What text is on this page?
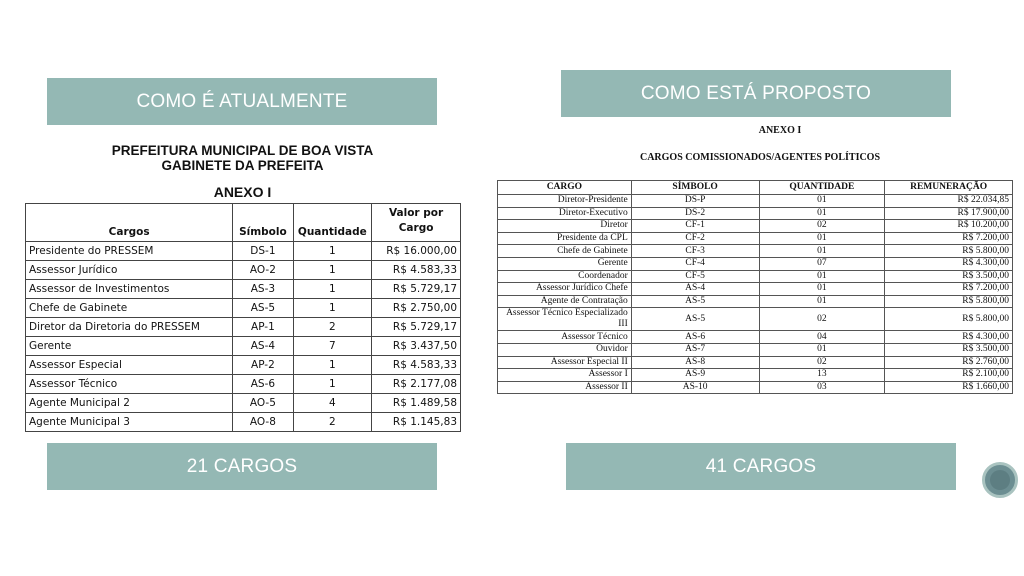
COMO É ATUALMENTE	COMO ESTÁ PROPOSTO
PREFEITURA MUNICIPAL DE BOA VISTA
GABINETE DA PREFEITA
ANEXO I
Cargos	Símbolo	Quantidade	Valor por Cargo
Presidente do PRESSEM	DS-1	1	R$ 16.000,00
Assessor Jurídico	AO-2	1	R$ 4.583,33
Assessor de Investimentos	AS-3	1	R$ 5.729,17
Chefe de Gabinete	AS-5	1	R$ 2.750,00
Diretor da Diretoria do PRESSEM	AP-1	2	R$ 5.729,17
Gerente	AS-4	7	R$ 3.437,50
Assessor Especial	AP-2	1	R$ 4.583,33
Assessor Técnico	AS-6	1	R$ 2.177,08
Agente Municipal 2	AO-5	4	R$ 1.489,58
Agente Municipal 3	AO-8	2	R$ 1.145,83
ANEXO I
CARGOS COMISSIONADOS/AGENTES POLÍTICOS
CARGO	SÍMBOLO	QUANTIDADE	REMUNERAÇÃO
Diretor-Presidente	DS-P	01	R$ 22.034,85
Diretor-Executivo	DS-2	01	R$ 17.900,00
Diretor	CF-1	02	R$ 10.200,00
Presidente da CPL	CF-2	01	R$ 7.200,00
Chefe de Gabinete	CF-3	01	R$ 5.800,00
Gerente	CF-4	07	R$ 4.300,00
Coordenador	CF-5	01	R$ 3.500,00
Assessor Jurídico Chefe	AS-4	01	R$ 7.200,00
Agente de Contratação	AS-5	01	R$ 5.800,00
Assessor Técnico Especializado III	AS-5	02	R$ 5.800,00
Assessor Técnico	AS-6	04	R$ 4.300,00
Ouvidor	AS-7	01	R$ 3.500,00
Assessor Especial II	AS-8	02	R$ 2.760,00
Assessor I	AS-9	13	R$ 2.100,00
Assessor II	AS-10	03	R$ 1.660,00
21 CARGOS	41 CARGOS
